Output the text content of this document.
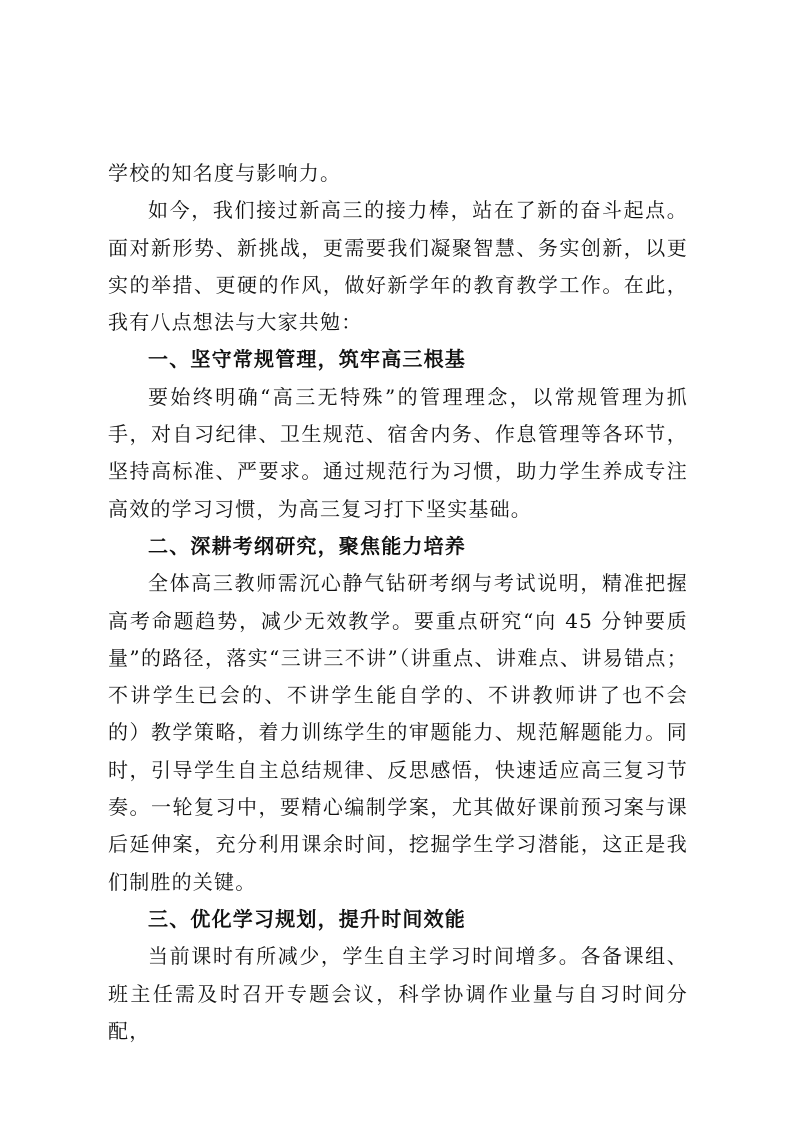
学校的知名度与影响力。

如今，我们接过新高三的接力棒，站在了新的奋斗起点。面对新形势、新挑战，更需要我们凝聚智慧、务实创新，以更实的举措、更硬的作风，做好新学年的教育教学工作。在此，我有八点想法与大家共勉：

一、坚守常规管理，筑牢高三根基

要始终明确“高三无特殊”的管理理念，以常规管理为抓手，对自习纪律、卫生规范、宿舍内务、作息管理等各环节，坚持高标准、严要求。通过规范行为习惯，助力学生养成专注高效的学习习惯，为高三复习打下坚实基础。

二、深耕考纲研究，聚焦能力培养

全体高三教师需沉心静气钻研考纲与考试说明，精准把握高考命题趋势，减少无效教学。要重点研究“向 45 分钟要质量”的路径，落实“三讲三不讲”（讲重点、讲难点、讲易错点；不讲学生已会的、不讲学生能自学的、不讲教师讲了也不会的）教学策略，着力训练学生的审题能力、规范解题能力。同时，引导学生自主总结规律、反思感悟，快速适应高三复习节奏。一轮复习中，要精心编制学案，尤其做好课前预习案与课后延伸案，充分利用课余时间，挖掘学生学习潜能，这正是我们制胜的关键。

三、优化学习规划，提升时间效能

当前课时有所减少，学生自主学习时间增多。各备课组、班主任需及时召开专题会议，科学协调作业量与自习时间分配，
